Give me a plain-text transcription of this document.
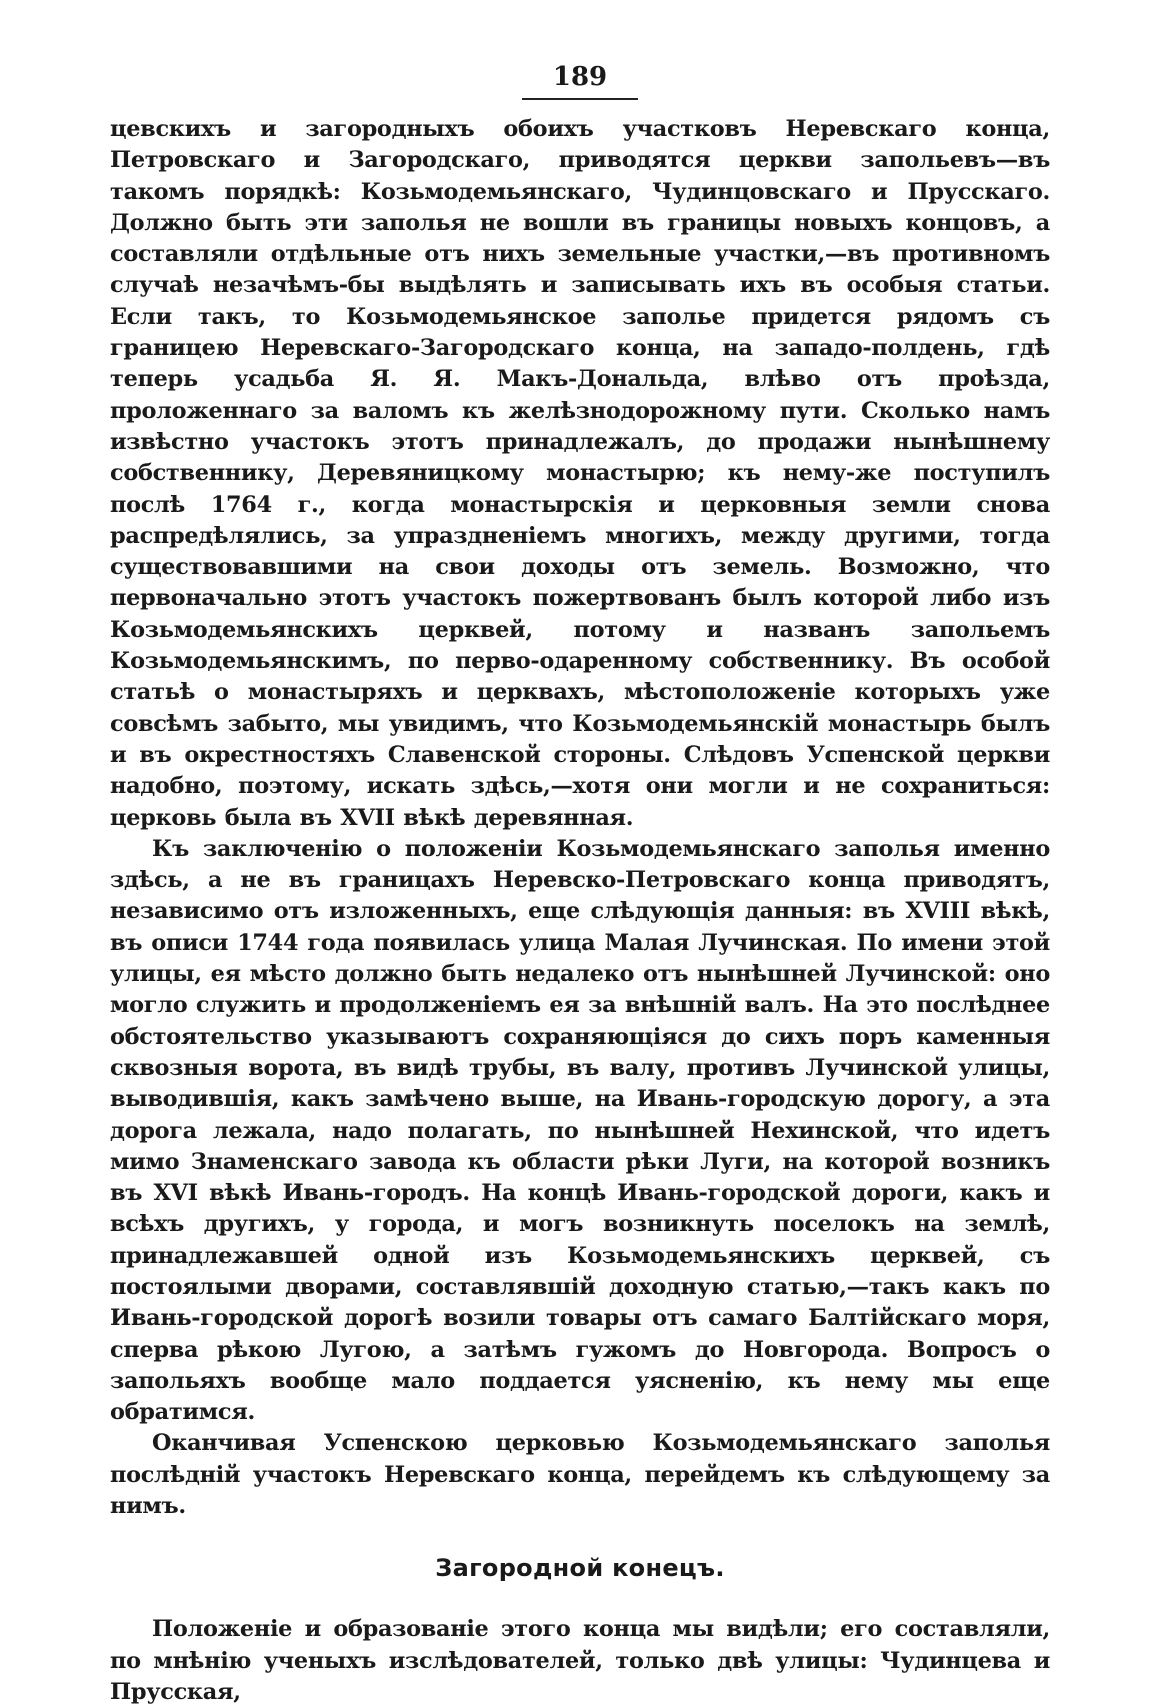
189

цевскихъ и загородныхъ обоихъ участковъ Неревскаго конца, Петровскаго и Загородскаго, приводятся церкви запольевъ—въ такомъ порядкѣ: Козьмодемьянскаго, Чудинцовскаго и Прусскаго. Должно быть эти заполья не вошли въ границы новыхъ концовъ, а составляли отдѣльные отъ нихъ земельные участки,—въ противномъ случаѣ незачѣмъ-бы выдѣлять и записывать ихъ въ особыя статьи. Если такъ, то Козьмодемьянское заполье придется рядомъ съ границею Неревскаго-Загородскаго конца, на западо-полдень, гдѣ теперь усадьба Я. Я. Макъ-Дональда, влѣво отъ проѣзда, проложеннаго за валомъ къ желѣзнодорожному пути. Сколько намъ извѣстно участокъ этотъ принадлежалъ, до продажи нынѣшнему собственнику, Деревяницкому монастырю; къ нему-же поступилъ послѣ 1764 г., когда монастырскія и церковныя земли снова распредѣлялись, за упраздненіемъ многихъ, между другими, тогда существовавшими на свои доходы отъ земель. Возможно, что первоначально этотъ участокъ пожертвованъ былъ которой либо изъ Козьмодемьянскихъ церквей, потому и названъ запольемъ Козьмодемьянскимъ, по перво-одаренному собственнику. Въ особой статьѣ о монастыряхъ и церквахъ, мѣстоположеніе которыхъ уже совсѣмъ забыто, мы увидимъ, что Козьмодемьянскій монастырь былъ и въ окрестностяхъ Славенской стороны. Слѣдовъ Успенской церкви надобно, поэтому, искать здѣсь,—хотя они могли и не сохраниться: церковь была въ XVII вѣкѣ деревянная.

Къ заключенію о положеніи Козьмодемьянскаго заполья именно здѣсь, а не въ границахъ Неревско-Петровскаго конца приводятъ, независимо отъ изложенныхъ, еще слѣдующія данныя: въ XVIII вѣкѣ, въ описи 1744 года появилась улица Малая Лучинская. По имени этой улицы, ея мѣсто должно быть недалеко отъ нынѣшней Лучинской: оно могло служить и продолженіемъ ея за внѣшній валъ. На это послѣднее обстоятельство указываютъ сохраняющіяся до сихъ поръ каменныя сквозныя ворота, въ видѣ трубы, въ валу, противъ Лучинской улицы, выводившія, какъ замѣчено выше, на Ивань-городскую дорогу, а эта дорога лежала, надо полагать, по нынѣшней Нехинской, что идетъ мимо Знаменскаго завода къ области рѣки Луги, на которой возникъ въ XVI вѣкѣ Ивань-городъ. На концѣ Ивань-городской дороги, какъ и всѣхъ другихъ, у города, и могъ возникнуть поселокъ на землѣ, принадлежавшей одной изъ Козьмодемьянскихъ церквей, съ постоялыми дворами, составлявшій доходную статью,—такъ какъ по Ивань-городской дорогѣ возили товары отъ самаго Балтійскаго моря, сперва рѣкою Лугою, а затѣмъ гужомъ до Новгорода. Вопросъ о запольяхъ вообще мало поддается уясненію, къ нему мы еще обратимся.

Оканчивая Успенскою церковью Козьмодемьянскаго заполья послѣдній участокъ Неревскаго конца, перейдемъ къ слѣдующему за нимъ.

Загородной конецъ.

Положеніе и образованіе этого конца мы видѣли; его составляли, по мнѣнію ученыхъ изслѣдователей, только двѣ улицы: Чудинцева и Прусская,
